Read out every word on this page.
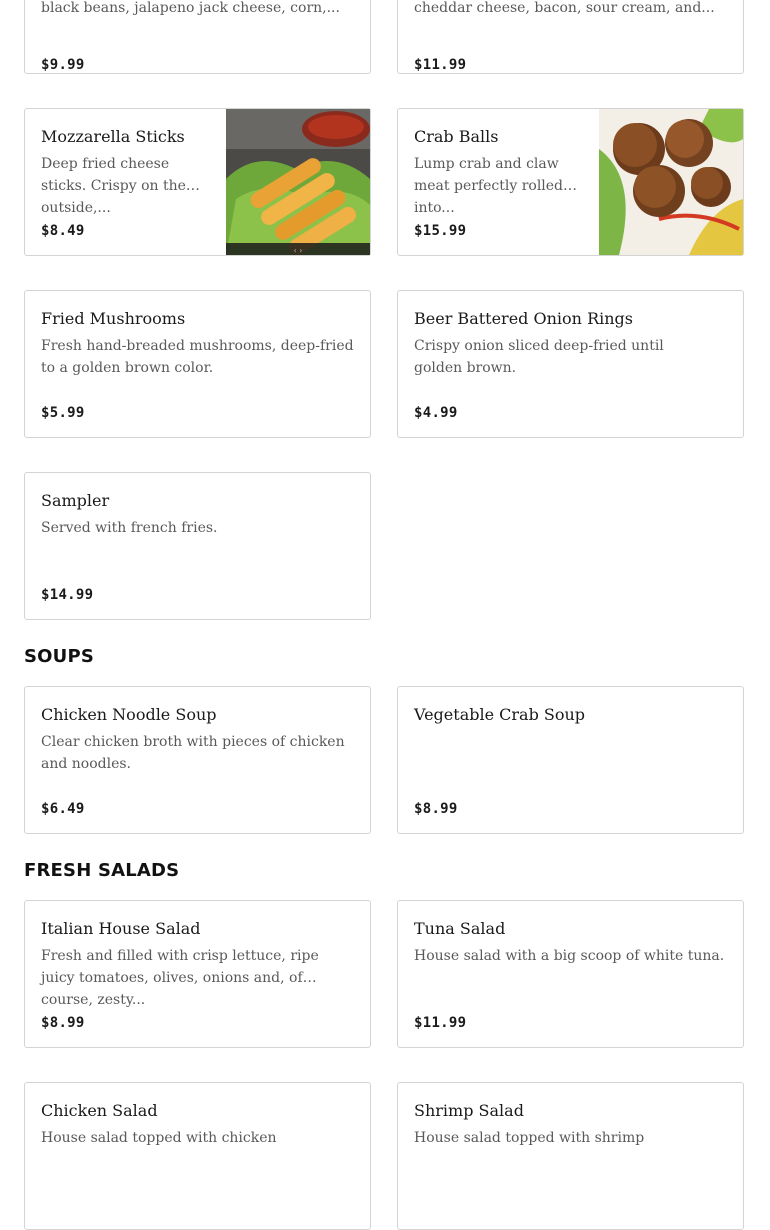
black beans, jalapeno jack cheese, corn,...
$9.99
cheddar cheese, bacon, sour cream, and...
$11.99
Mozzarella Sticks
Deep fried cheese sticks. Crispy on the outside,...
$8.49
‹ ›
Crab Balls
Lump crab and claw meat perfectly rolled into...
$15.99
Fried Mushrooms
Fresh hand-breaded mushrooms, deep-fried to a golden brown color.
$5.99
Beer Battered Onion Rings
Crispy onion sliced deep-fried until golden brown.
$4.99
Sampler
Served with french fries.
$14.99
SOUPS
Chicken Noodle Soup
Clear chicken broth with pieces of chicken and noodles.
$6.49
Vegetable Crab Soup
$8.99
FRESH SALADS
Italian House Salad
Fresh and filled with crisp lettuce, ripe juicy tomatoes, olives, onions and, of course, zesty...
$8.99
Tuna Salad
House salad with a big scoop of white tuna.
$11.99
Chicken Salad
House salad topped with chicken
Shrimp Salad
House salad topped with shrimp
